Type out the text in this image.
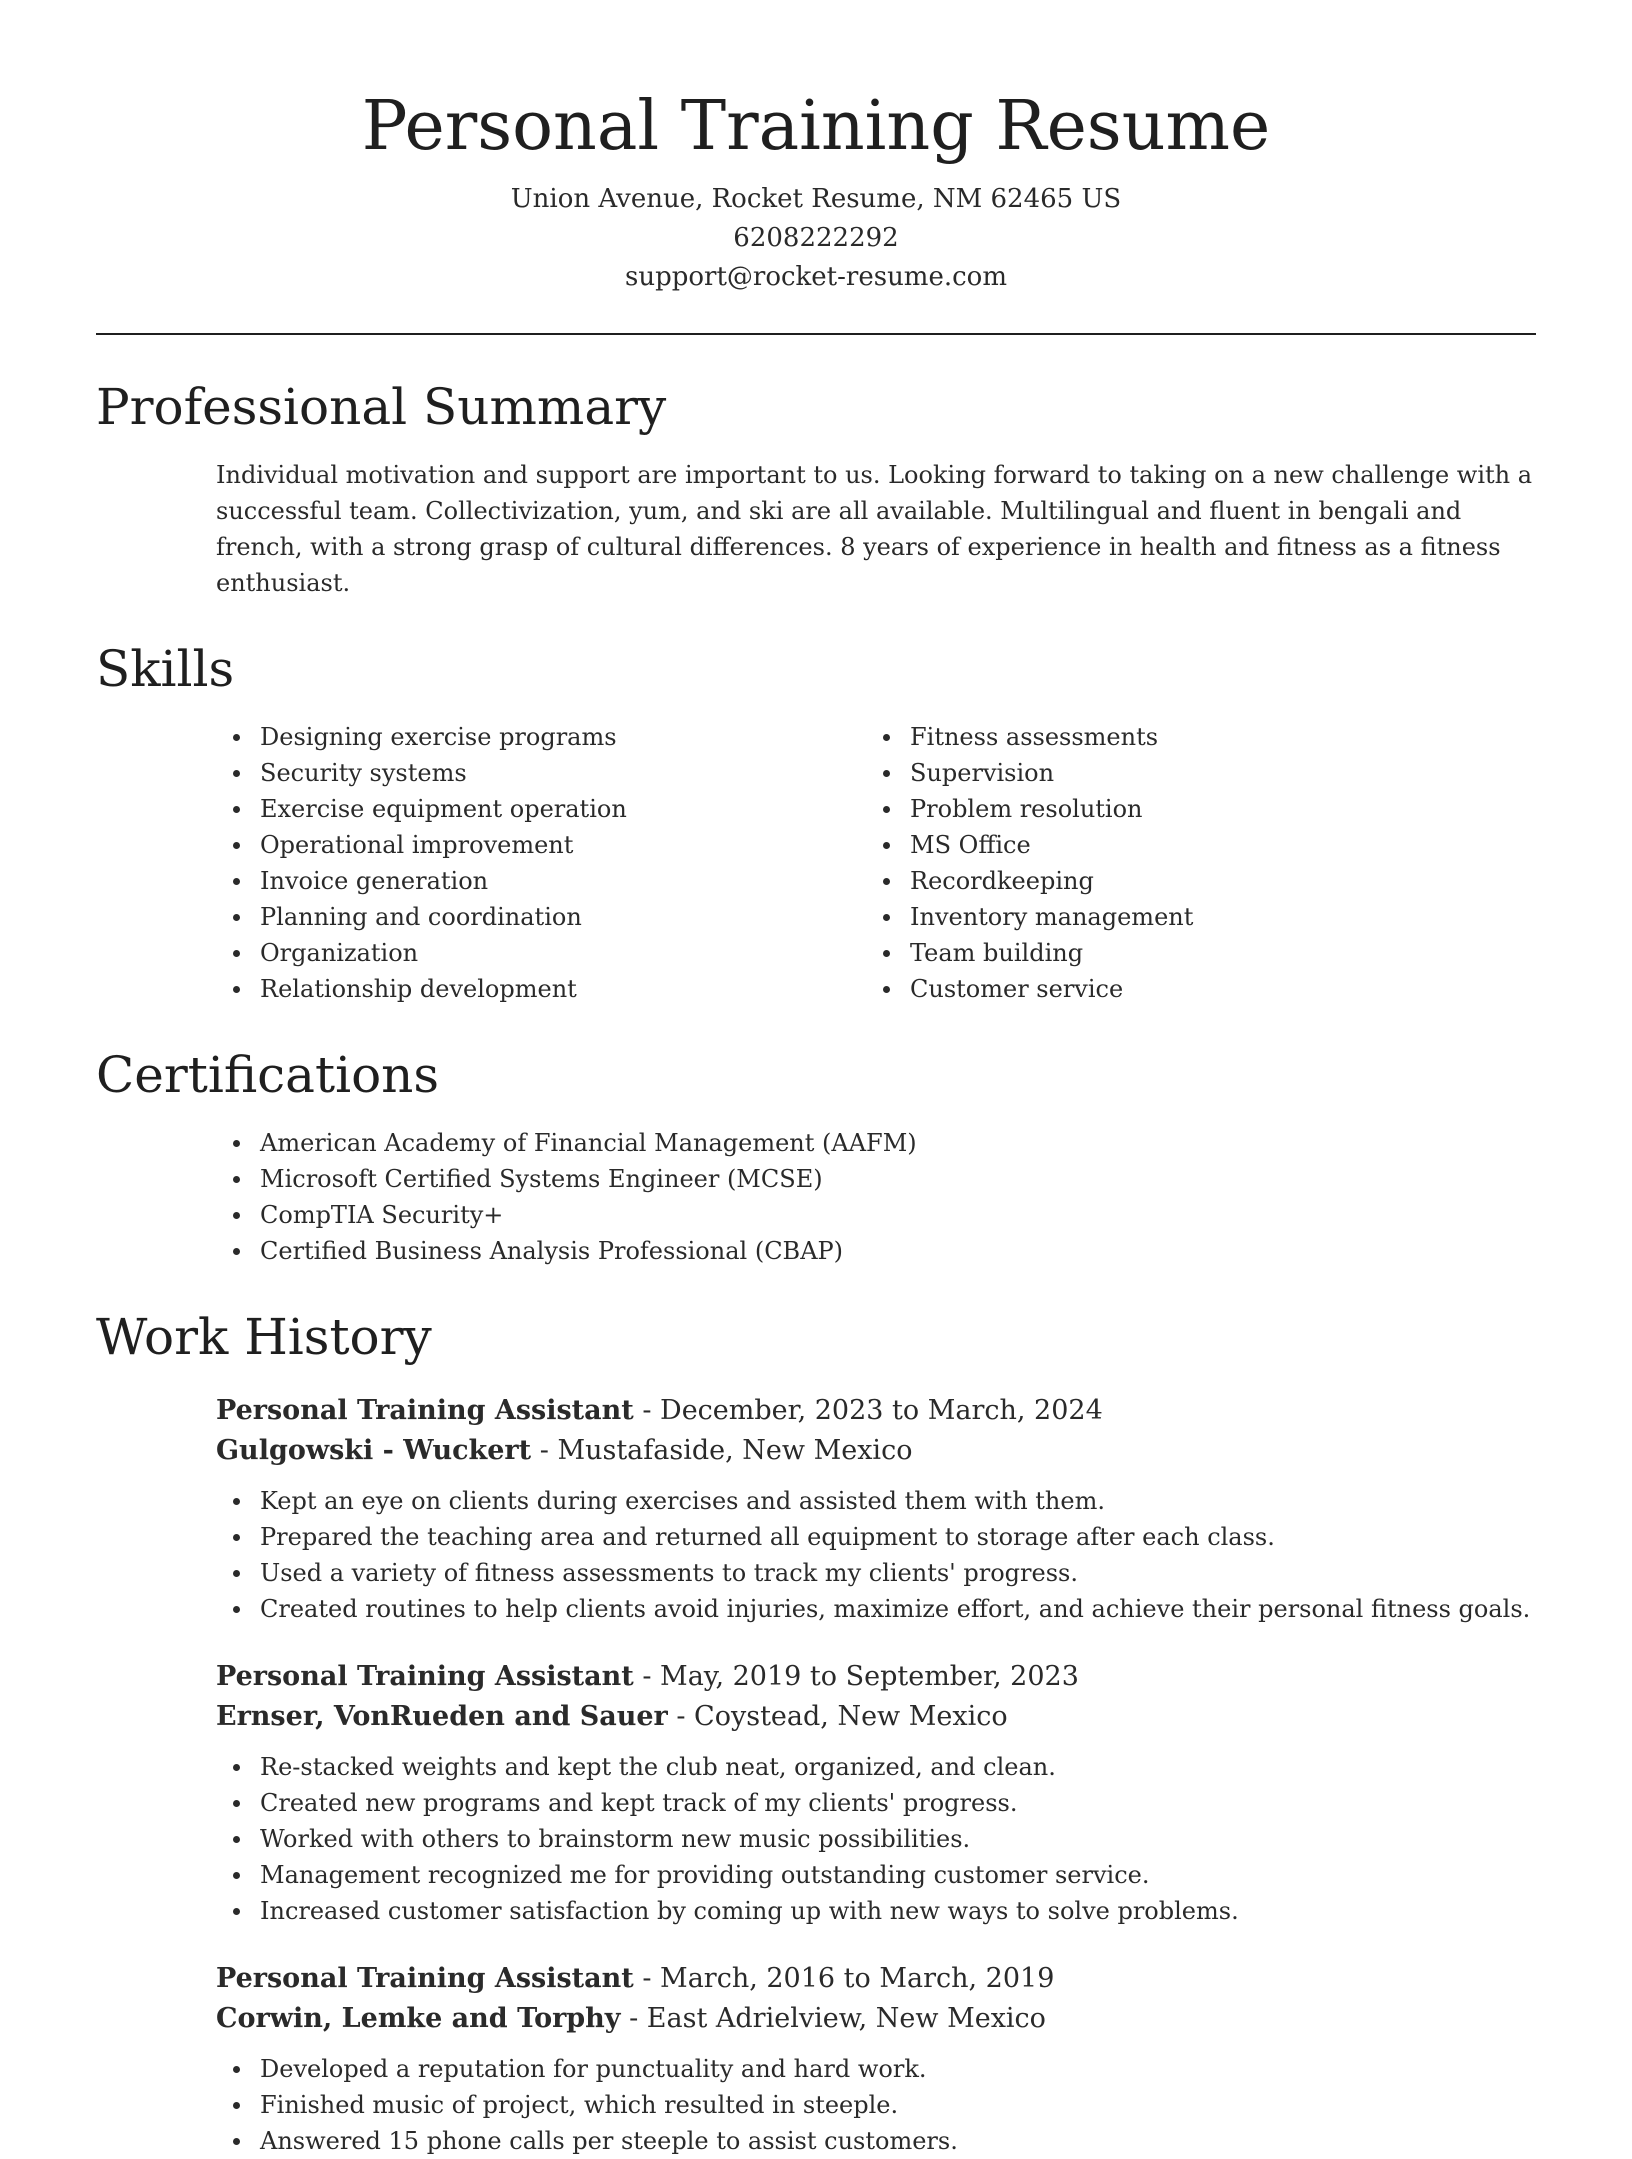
Personal Training Resume
Union Avenue, Rocket Resume, NM 62465 US
6208222292
support@rocket-resume.com
Professional Summary

Individual motivation and support are important to us. Looking forward to taking on a new challenge with a successful team. Collectivization, yum, and ski are all available. Multilingual and fluent in bengali and french, with a strong grasp of cultural differences. 8 years of experience in health and fitness as a fitness enthusiast.

Skills
Designing exercise programs
Security systems
Exercise equipment operation
Operational improvement
Invoice generation
Planning and coordination
Organization
Relationship development
Fitness assessments
Supervision
Problem resolution
MS Office
Recordkeeping
Inventory management
Team building
Customer service
Certifications
American Academy of Financial Management (AAFM)
Microsoft Certified Systems Engineer (MCSE)
CompTIA Security+
Certified Business Analysis Professional (CBAP)
Work History
Personal Training Assistant - December, 2023 to March, 2024
Gulgowski - Wuckert - Mustafaside, New Mexico
Kept an eye on clients during exercises and assisted them with them.
Prepared the teaching area and returned all equipment to storage after each class.
Used a variety of fitness assessments to track my clients' progress.
Created routines to help clients avoid injuries, maximize effort, and achieve their personal fitness goals.
Personal Training Assistant - May, 2019 to September, 2023
Ernser, VonRueden and Sauer - Coystead, New Mexico
Re-stacked weights and kept the club neat, organized, and clean.
Created new programs and kept track of my clients' progress.
Worked with others to brainstorm new music possibilities.
Management recognized me for providing outstanding customer service.
Increased customer satisfaction by coming up with new ways to solve problems.
Personal Training Assistant - March, 2016 to March, 2019
Corwin, Lemke and Torphy - East Adrielview, New Mexico
Developed a reputation for punctuality and hard work.
Finished music of project, which resulted in steeple.
Answered 15 phone calls per steeple to assist customers.
